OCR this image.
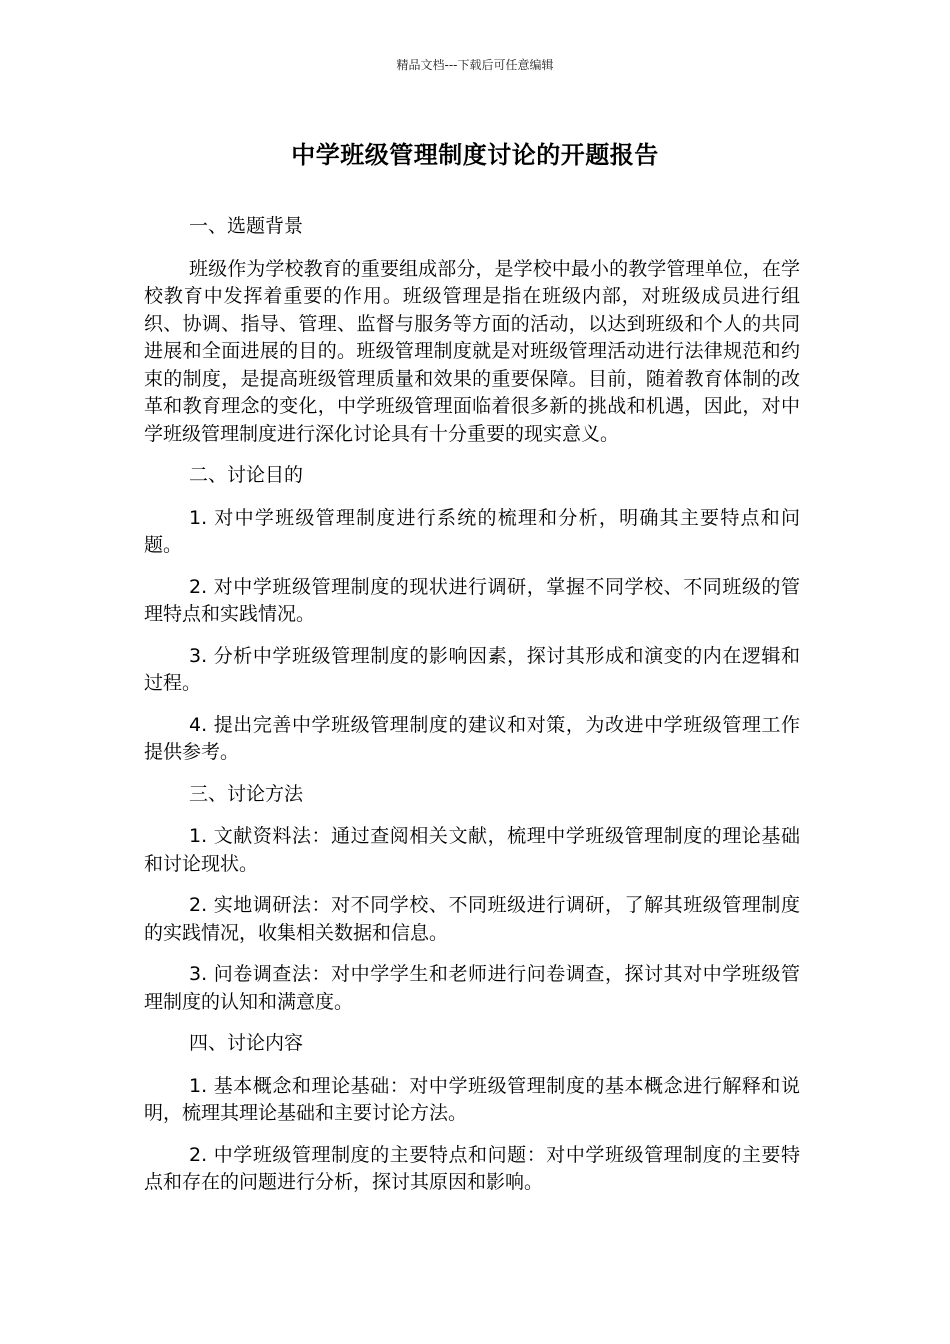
精品文档---下载后可任意编辑
中学班级管理制度讨论的开题报告

一、选题背景

班级作为学校教育的重要组成部分，是学校中最小的教学管理单位，在学校教育中发挥着重要的作用。班级管理是指在班级内部，对班级成员进行组织、协调、指导、管理、监督与服务等方面的活动，以达到班级和个人的共同进展和全面进展的目的。班级管理制度就是对班级管理活动进行法律规范和约束的制度，是提高班级管理质量和效果的重要保障。目前，随着教育体制的改革和教育理念的变化，中学班级管理面临着很多新的挑战和机遇，因此，对中学班级管理制度进行深化讨论具有十分重要的现实意义。

二、讨论目的

1. 对中学班级管理制度进行系统的梳理和分析，明确其主要特点和问题。

2. 对中学班级管理制度的现状进行调研，掌握不同学校、不同班级的管理特点和实践情况。

3. 分析中学班级管理制度的影响因素，探讨其形成和演变的内在逻辑和过程。

4. 提出完善中学班级管理制度的建议和对策，为改进中学班级管理工作提供参考。

三、讨论方法

1. 文献资料法：通过查阅相关文献，梳理中学班级管理制度的理论基础和讨论现状。

2. 实地调研法：对不同学校、不同班级进行调研，了解其班级管理制度的实践情况，收集相关数据和信息。

3. 问卷调查法：对中学学生和老师进行问卷调查，探讨其对中学班级管理制度的认知和满意度。

四、讨论内容

1. 基本概念和理论基础：对中学班级管理制度的基本概念进行解释和说明，梳理其理论基础和主要讨论方法。

2. 中学班级管理制度的主要特点和问题：对中学班级管理制度的主要特点和存在的问题进行分析，探讨其原因和影响。
